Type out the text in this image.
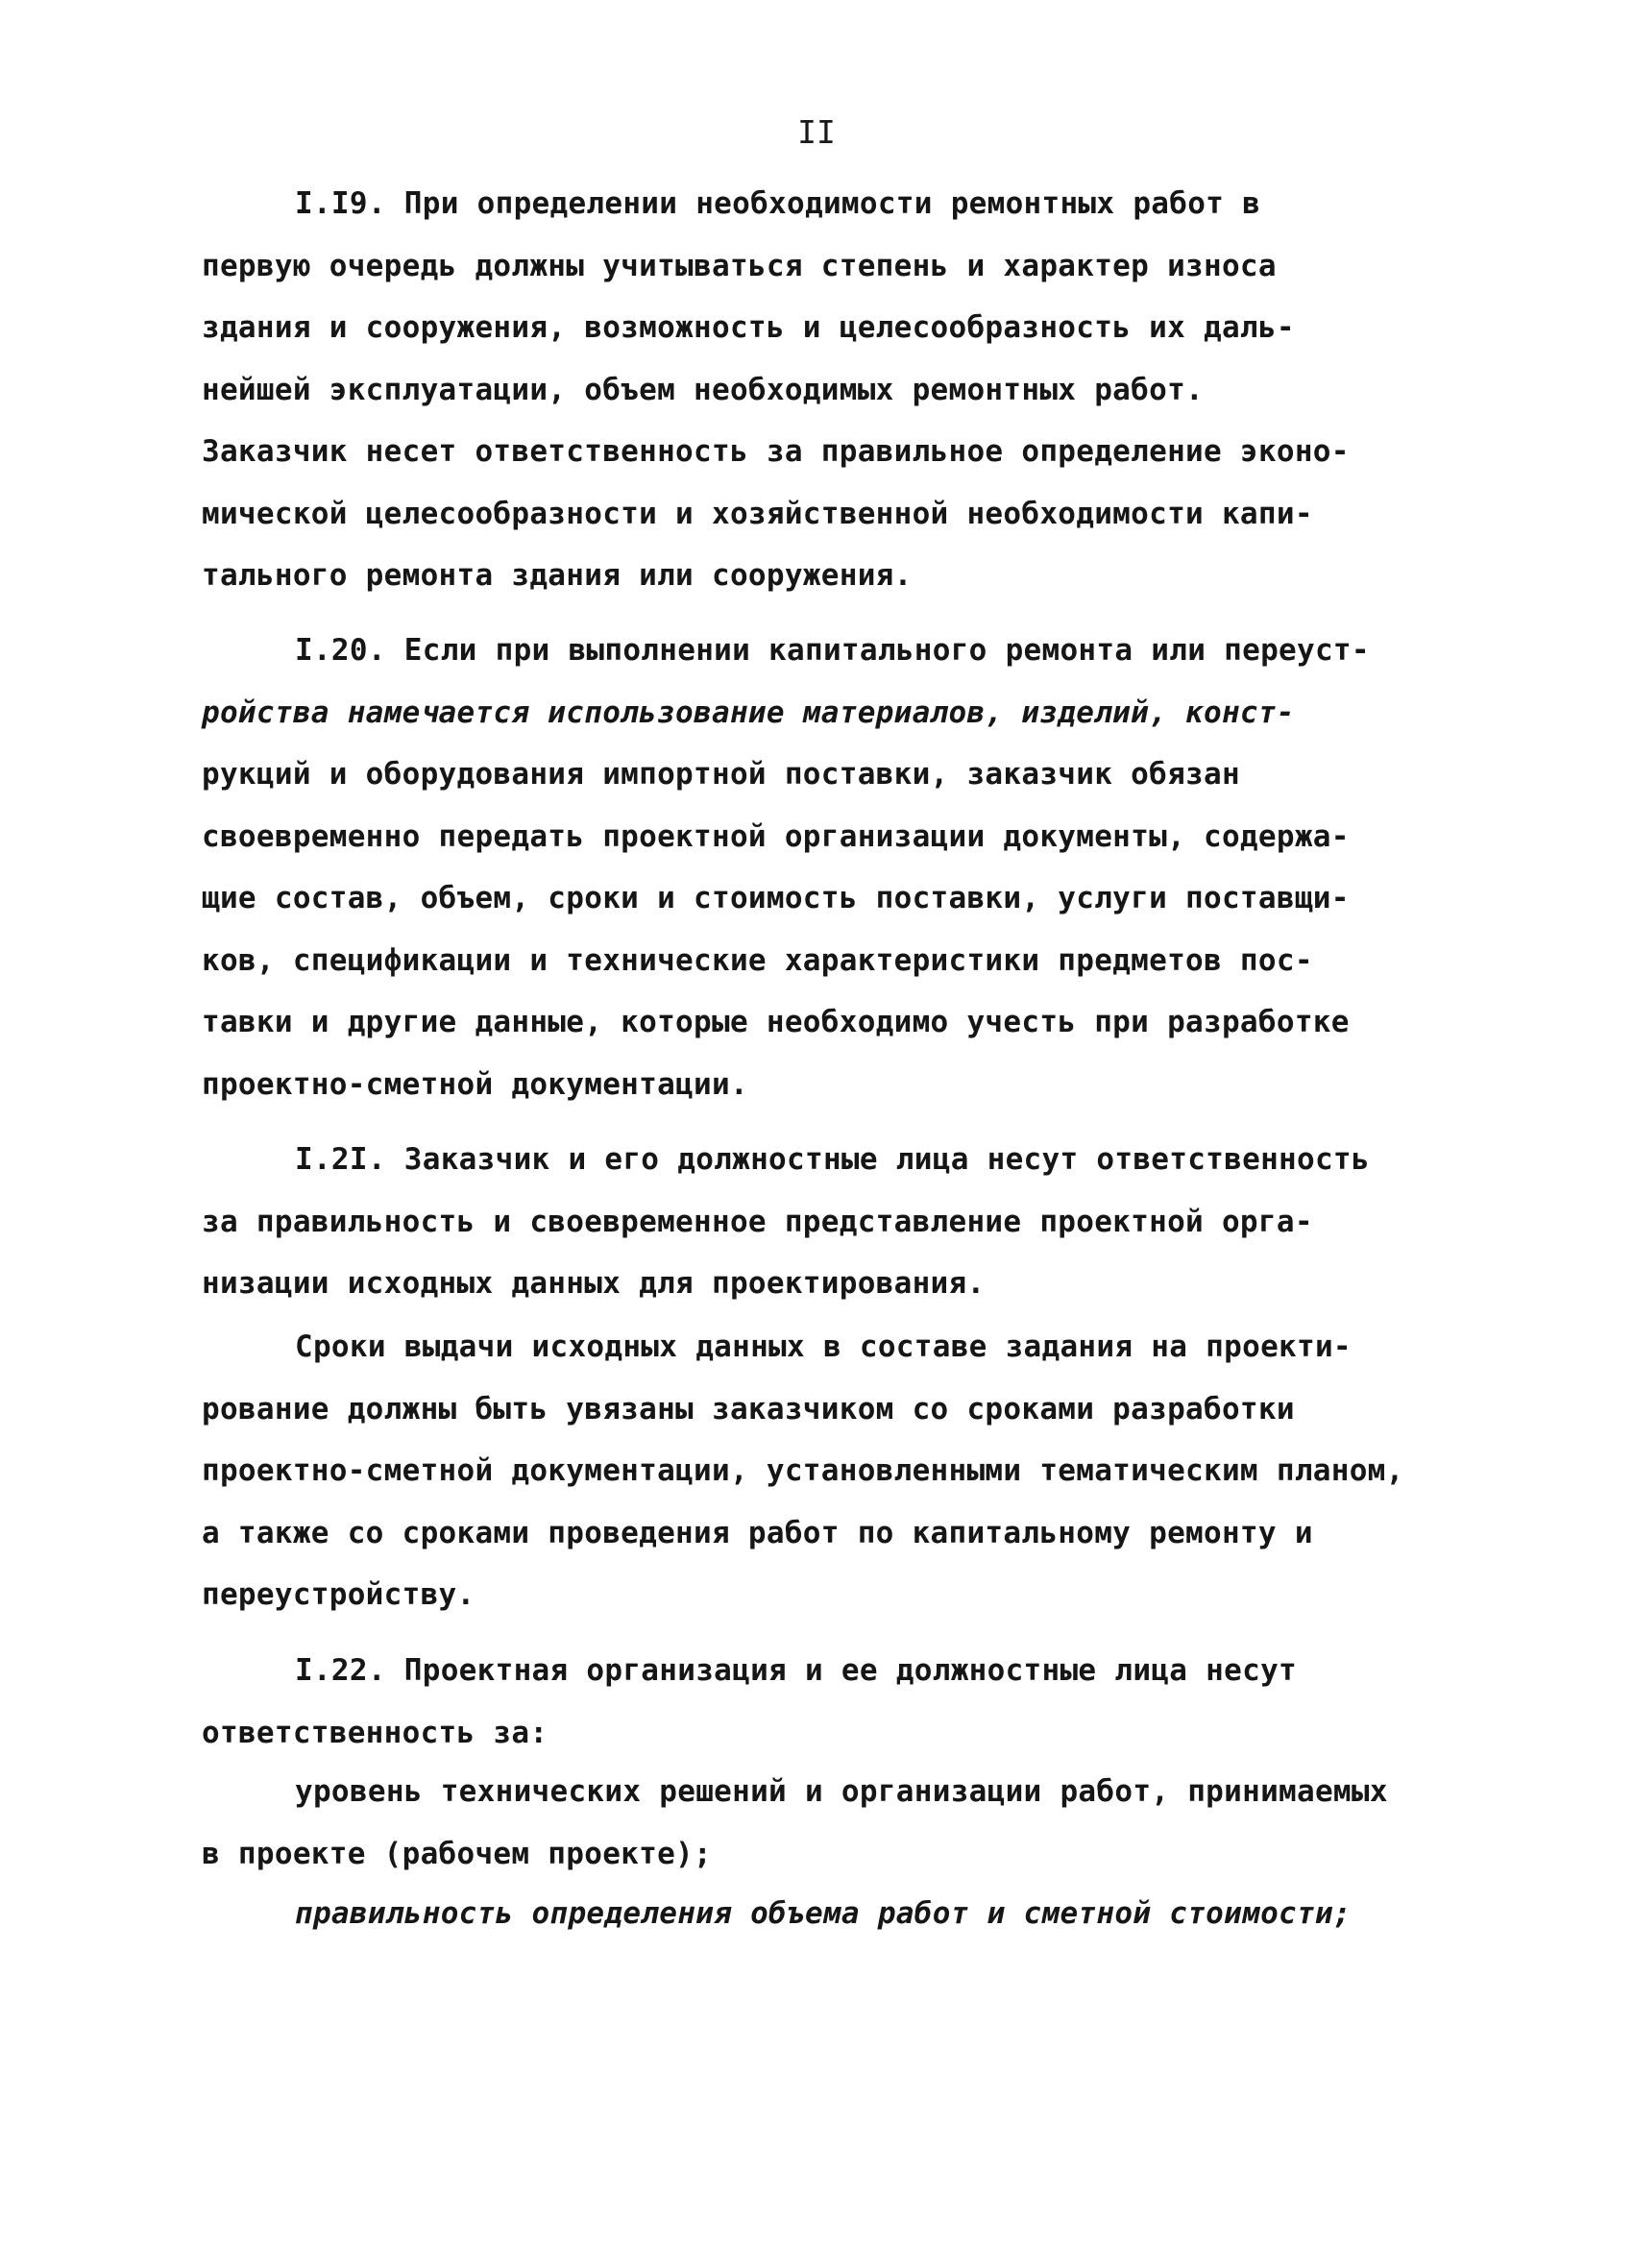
II
I.I9. При определении необходимости ремонтных работ в
первую очередь должны учитываться степень и характер износа
здания и сооружения, возможность и целесообразность их даль-
нейшей эксплуатации, объем необходимых ремонтных работ.
Заказчик несет ответственность за правильное определение эконо-
мической целесообразности и хозяйственной необходимости капи-
тального ремонта здания или сооружения.
I.20. Если при выполнении капитального ремонта или переуст-
ройства намечается использование материалов, изделий, конст-
рукций и оборудования импортной поставки, заказчик обязан
своевременно передать проектной организации документы, содержа-
щие состав, объем, сроки и стоимость поставки, услуги поставщи-
ков, спецификации и технические характеристики предметов пос-
тавки и другие данные, которые необходимо учесть при разработке
проектно-сметной документации.
I.2I. Заказчик и его должностные лица несут ответственность
за правильность и своевременное представление проектной орга-
низации исходных данных для проектирования.
Сроки выдачи исходных данных в составе задания на проекти-
рование должны быть увязаны заказчиком со сроками разработки
проектно-сметной документации, установленными тематическим планом,
а также со сроками проведения работ по капитальному ремонту и
переустройству.
I.22. Проектная организация и ее должностные лица несут
ответственность за:
уровень технических решений и организации работ, принимаемых
в проекте (рабочем проекте);
правильность определения объема работ и сметной стоимости;
